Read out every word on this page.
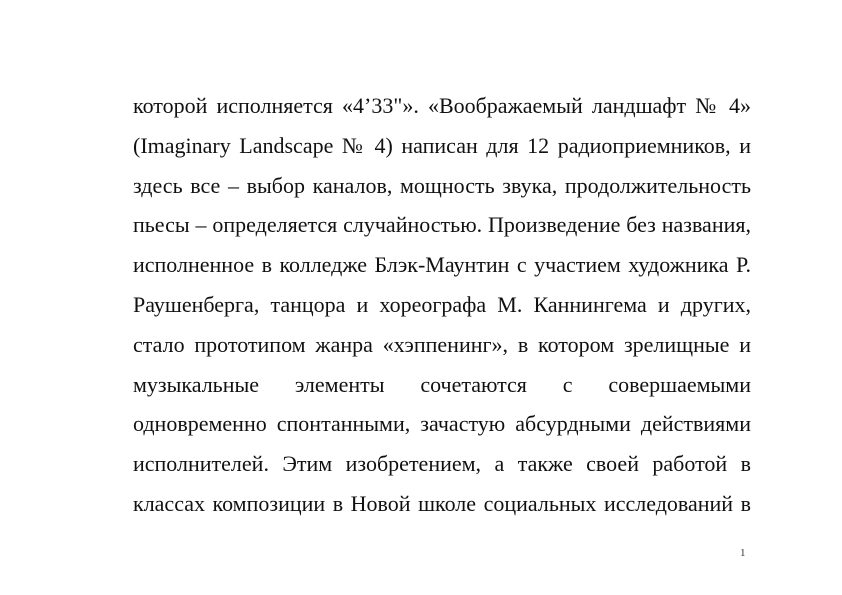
которой исполняется «4’33"». «Воображаемый ландшафт № 4»
(Imaginary Landscape № 4) написан для 12 радиоприемников, и
здесь все – выбор каналов, мощность звука, продолжительность
пьесы – определяется случайностью. Произведение без названия,
исполненное в колледже Блэк-Маунтин с участием художника Р.
Раушенберга, танцора и хореографа М. Каннингема и других,
стало прототипом жанра «хэппенинг», в котором зрелищные и
музыкальные элементы сочетаются с совершаемыми
одновременно спонтанными, зачастую абсурдными действиями
исполнителей. Этим изобретением, а также своей работой в
классах композиции в Новой школе социальных исследований в
1
